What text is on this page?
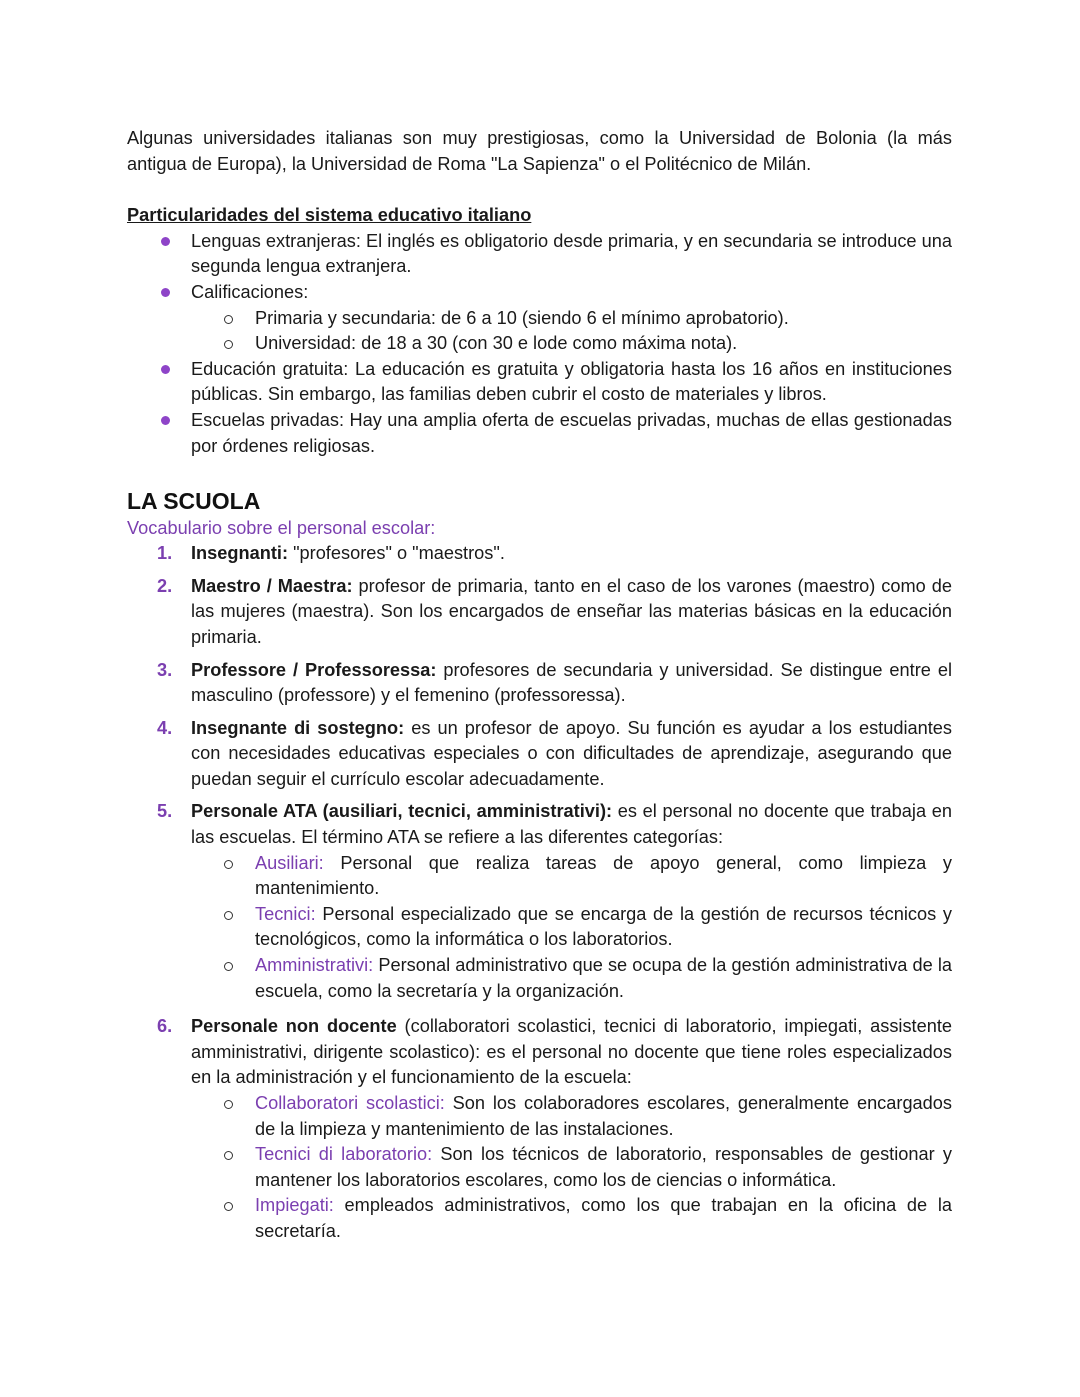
Algunas universidades italianas son muy prestigiosas, como la Universidad de Bolonia (la más antigua de Europa), la Universidad de Roma "La Sapienza" o el Politécnico de Milán.

Particularidades del sistema educativo italiano
Lenguas extranjeras: El inglés es obligatorio desde primaria, y en secundaria se introduce una segunda lengua extranjera.
Calificaciones:
Primaria y secundaria: de 6 a 10 (siendo 6 el mínimo aprobatorio).
Universidad: de 18 a 30 (con 30 e lode como máxima nota).
Educación gratuita: La educación es gratuita y obligatoria hasta los 16 años en instituciones públicas. Sin embargo, las familias deben cubrir el costo de materiales y libros.
Escuelas privadas: Hay una amplia oferta de escuelas privadas, muchas de ellas gestionadas por órdenes religiosas.
LA SCUOLA
Vocabulario sobre el personal escolar:
1. Insegnanti: "profesores" o "maestros".
2. Maestro / Maestra: profesor de primaria, tanto en el caso de los varones (maestro) como de las mujeres (maestra). Son los encargados de enseñar las materias básicas en la educación primaria.
3. Professore / Professoressa: profesores de secundaria y universidad. Se distingue entre el masculino (professore) y el femenino (professoressa).
4. Insegnante di sostegno: es un profesor de apoyo. Su función es ayudar a los estudiantes con necesidades educativas especiales o con dificultades de aprendizaje, asegurando que puedan seguir el currículo escolar adecuadamente.
5. Personale ATA (ausiliari, tecnici, amministrativi): es el personal no docente que trabaja en las escuelas. El término ATA se refiere a las diferentes categorías:
Ausiliari: Personal que realiza tareas de apoyo general, como limpieza y mantenimiento.
Tecnici: Personal especializado que se encarga de la gestión de recursos técnicos y tecnológicos, como la informática o los laboratorios.
Amministrativi: Personal administrativo que se ocupa de la gestión administrativa de la escuela, como la secretaría y la organización.
6. Personale non docente (collaboratori scolastici, tecnici di laboratorio, impiegati, assistente amministrativi, dirigente scolastico): es el personal no docente que tiene roles especializados en la administración y el funcionamiento de la escuela:
Collaboratori scolastici: Son los colaboradores escolares, generalmente encargados de la limpieza y mantenimiento de las instalaciones.
Tecnici di laboratorio: Son los técnicos de laboratorio, responsables de gestionar y mantener los laboratorios escolares, como los de ciencias o informática.
Impiegati: empleados administrativos, como los que trabajan en la oficina de la secretaría.
